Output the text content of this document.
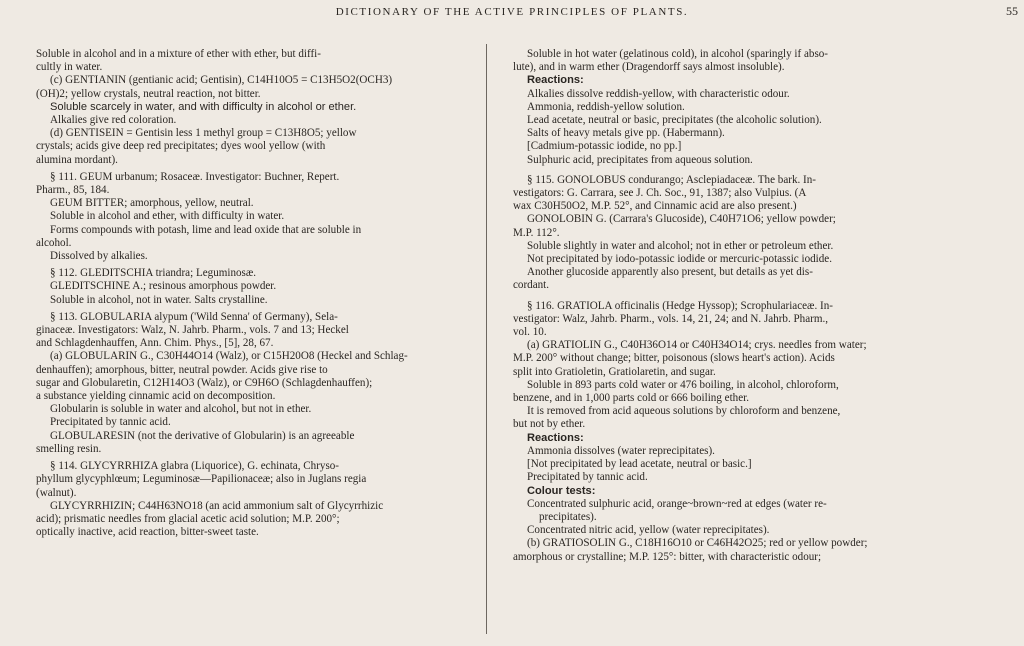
DICTIONARY OF THE ACTIVE PRINCIPLES OF PLANTS.	55

Soluble in alcohol and in a mixture of ether with ether, but diffi-

cultly in water.

(c) GENTIANIN (gentianic acid; Gentisin), C14H10O5 = C13H5O2(OCH3)

(OH)2; yellow crystals, neutral reaction, not bitter.

Soluble scarcely in water, and with difficulty in alcohol or ether.

Alkalies give red coloration.

(d) GENTISEIN = Gentisin less 1 methyl group = C13H8O5; yellow

crystals; acids give deep red precipitates; dyes wool yellow (with

alumina mordant).

§ 111. GEUM urbanum; Rosaceæ. Investigator: Buchner, Repert.

Pharm., 85, 184.

GEUM BITTER; amorphous, yellow, neutral.

Soluble in alcohol and ether, with difficulty in water.

Forms compounds with potash, lime and lead oxide that are soluble in

alcohol.

Dissolved by alkalies.

§ 112. GLEDITSCHIA triandra; Leguminosæ.

GLEDITSCHINE A.; resinous amorphous powder.

Soluble in alcohol, not in water. Salts crystalline.

§ 113. GLOBULARIA alypum ('Wild Senna' of Germany), Sela-

ginaceæ. Investigators: Walz, N. Jahrb. Pharm., vols. 7 and 13; Heckel

and Schlagdenhauffen, Ann. Chim. Phys., [5], 28, 67.

(a) GLOBULARIN G., C30H44O14 (Walz), or C15H20O8 (Heckel and Schlag-

denhauffen); amorphous, bitter, neutral powder. Acids give rise to

sugar and Globularetin, C12H14O3 (Walz), or C9H6O (Schlagdenhauffen);

a substance yielding cinnamic acid on decomposition.

Globularin is soluble in water and alcohol, but not in ether.

Precipitated by tannic acid.

GLOBULARESIN (not the derivative of Globularin) is an agreeable

smelling resin.

§ 114. GLYCYRRHIZA glabra (Liquorice), G. echinata, Chryso-

phyllum glycyphlœum; Leguminosæ—Papilionaceæ; also in Juglans regia

(walnut).

GLYCYRRHIZIN; C44H63NO18 (an acid ammonium salt of Glycyrrhizic

acid); prismatic needles from glacial acetic acid solution; M.P. 200°;

optically inactive, acid reaction, bitter-sweet taste.

Soluble in hot water (gelatinous cold), in alcohol (sparingly if abso-

lute), and in warm ether (Dragendorff says almost insoluble).

Reactions:

Alkalies dissolve reddish-yellow, with characteristic odour.

Ammonia, reddish-yellow solution.

Lead acetate, neutral or basic, precipitates (the alcoholic solution).

Salts of heavy metals give pp. (Habermann).

[Cadmium-potassic iodide, no pp.]

Sulphuric acid, precipitates from aqueous solution.

§ 115. GONOLOBUS condurango; Asclepiadaceæ. The bark. In-

vestigators: G. Carrara, see J. Ch. Soc., 91, 1387; also Vulpius. (A

wax C30H50O2, M.P. 52°, and Cinnamic acid are also present.)

GONOLOBIN G. (Carrara's Glucoside), C40H71O6; yellow powder;

M.P. 112°.

Soluble slightly in water and alcohol; not in ether or petroleum ether.

Not precipitated by iodo-potassic iodide or mercuric-potassic iodide.

Another glucoside apparently also present, but details as yet dis-

cordant.

§ 116. GRATIOLA officinalis (Hedge Hyssop); Scrophulariaceæ. In-

vestigator: Walz, Jahrb. Pharm., vols. 14, 21, 24; and N. Jahrb. Pharm.,

vol. 10.

(a) GRATIOLIN G., C40H36O14 or C40H34O14; crys. needles from water;

M.P. 200° without change; bitter, poisonous (slows heart's action). Acids

split into Gratioletin, Gratiolaretin, and sugar.

Soluble in 893 parts cold water or 476 boiling, in alcohol, chloroform,

benzene, and in 1,000 parts cold or 666 boiling ether.

It is removed from acid aqueous solutions by chloroform and benzene,

but not by ether.

Reactions:

Ammonia dissolves (water reprecipitates).

[Not precipitated by lead acetate, neutral or basic.]

Precipitated by tannic acid.

Colour tests:

Concentrated sulphuric acid, orange~brown~red at edges (water re-

precipitates).

Concentrated nitric acid, yellow (water reprecipitates).

(b) GRATIOSOLIN G., C18H16O10 or C46H42O25; red or yellow powder;

amorphous or crystalline; M.P. 125°: bitter, with characteristic odour;
